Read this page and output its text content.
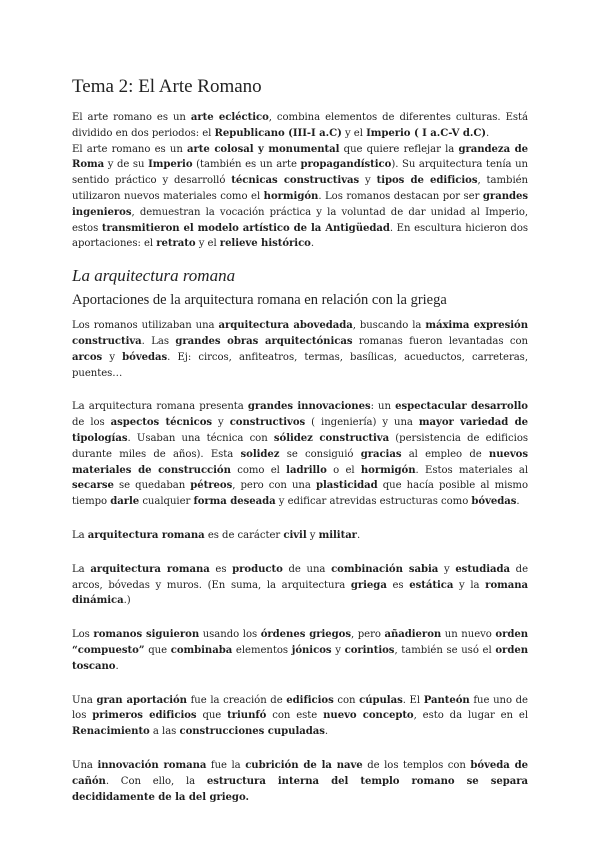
Tema 2: El Arte Romano

El arte romano es un arte ecléctico, combina elementos de diferentes culturas. Está dividido en dos periodos: el Republicano (III-I a.C) y el Imperio ( I a.C-V d.C).

El arte romano es un arte colosal y monumental que quiere reflejar la grandeza de Roma y de su Imperio (también es un arte propagandístico). Su arquitectura tenía un sentido práctico y desarrolló técnicas constructivas y tipos de edificios, también utilizaron nuevos materiales como el hormigón. Los romanos destacan por ser grandes ingenieros, demuestran la vocación práctica y la voluntad de dar unidad al Imperio, estos transmitieron el modelo artístico de la Antigüedad. En escultura hicieron dos aportaciones: el retrato y el relieve histórico.

La arquitectura romana
Aportaciones de la arquitectura romana en relación con la griega

Los romanos utilizaban una arquitectura abovedada, buscando la máxima expresión constructiva. Las grandes obras arquitectónicas romanas fueron levantadas con arcos y bóvedas. Ej: circos, anfiteatros, termas, basílicas, acueductos, carreteras, puentes…

La arquitectura romana presenta grandes innovaciones: un espectacular desarrollo de los aspectos técnicos y constructivos ( ingeniería) y una mayor variedad de tipologías. Usaban una técnica con sólidez constructiva (persistencia de edificios durante miles de años). Esta solidez se consiguió gracias al empleo de nuevos materiales de construcción como el ladrillo o el hormigón. Estos materiales al secarse se quedaban pétreos, pero con una plasticidad que hacía posible al mismo tiempo darle cualquier forma deseada y edificar atrevidas estructuras como bóvedas.

La arquitectura romana es de carácter civil y militar.

La arquitectura romana es producto de una combinación sabia y estudiada de arcos, bóvedas y muros. (En suma, la arquitectura griega es estática y la romana dinámica.)

Los romanos siguieron usando los órdenes griegos, pero añadieron un nuevo orden “compuesto” que combinaba elementos jónicos y corintios, también se usó el orden toscano.

Una gran aportación fue la creación de edificios con cúpulas. El Panteón fue uno de los primeros edificios que triunfó con este nuevo concepto, esto da lugar en el Renacimiento a las construcciones cupuladas.

Una innovación romana fue la cubrición de la nave de los templos con bóveda de cañón. Con ello, la estructura interna del templo romano se separa decididamente de la del griego.
